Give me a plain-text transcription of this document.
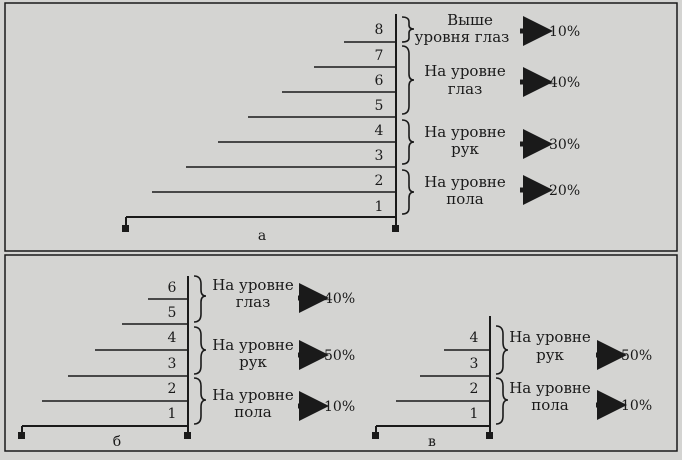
1
2
3
4
5
6
7
8
Выше
уровня глаз
На уровне
глаз
На уровне
рук
На уровне
пола
10%
40%
30%
20%
а
1
2
3
4
5
6 На уровне
глаз
На уровне
рук
На уровне
пола
40%
50%
10%
б
1
2
3
4 На уровне
рук
На уровне
пола
50%
10%
в
